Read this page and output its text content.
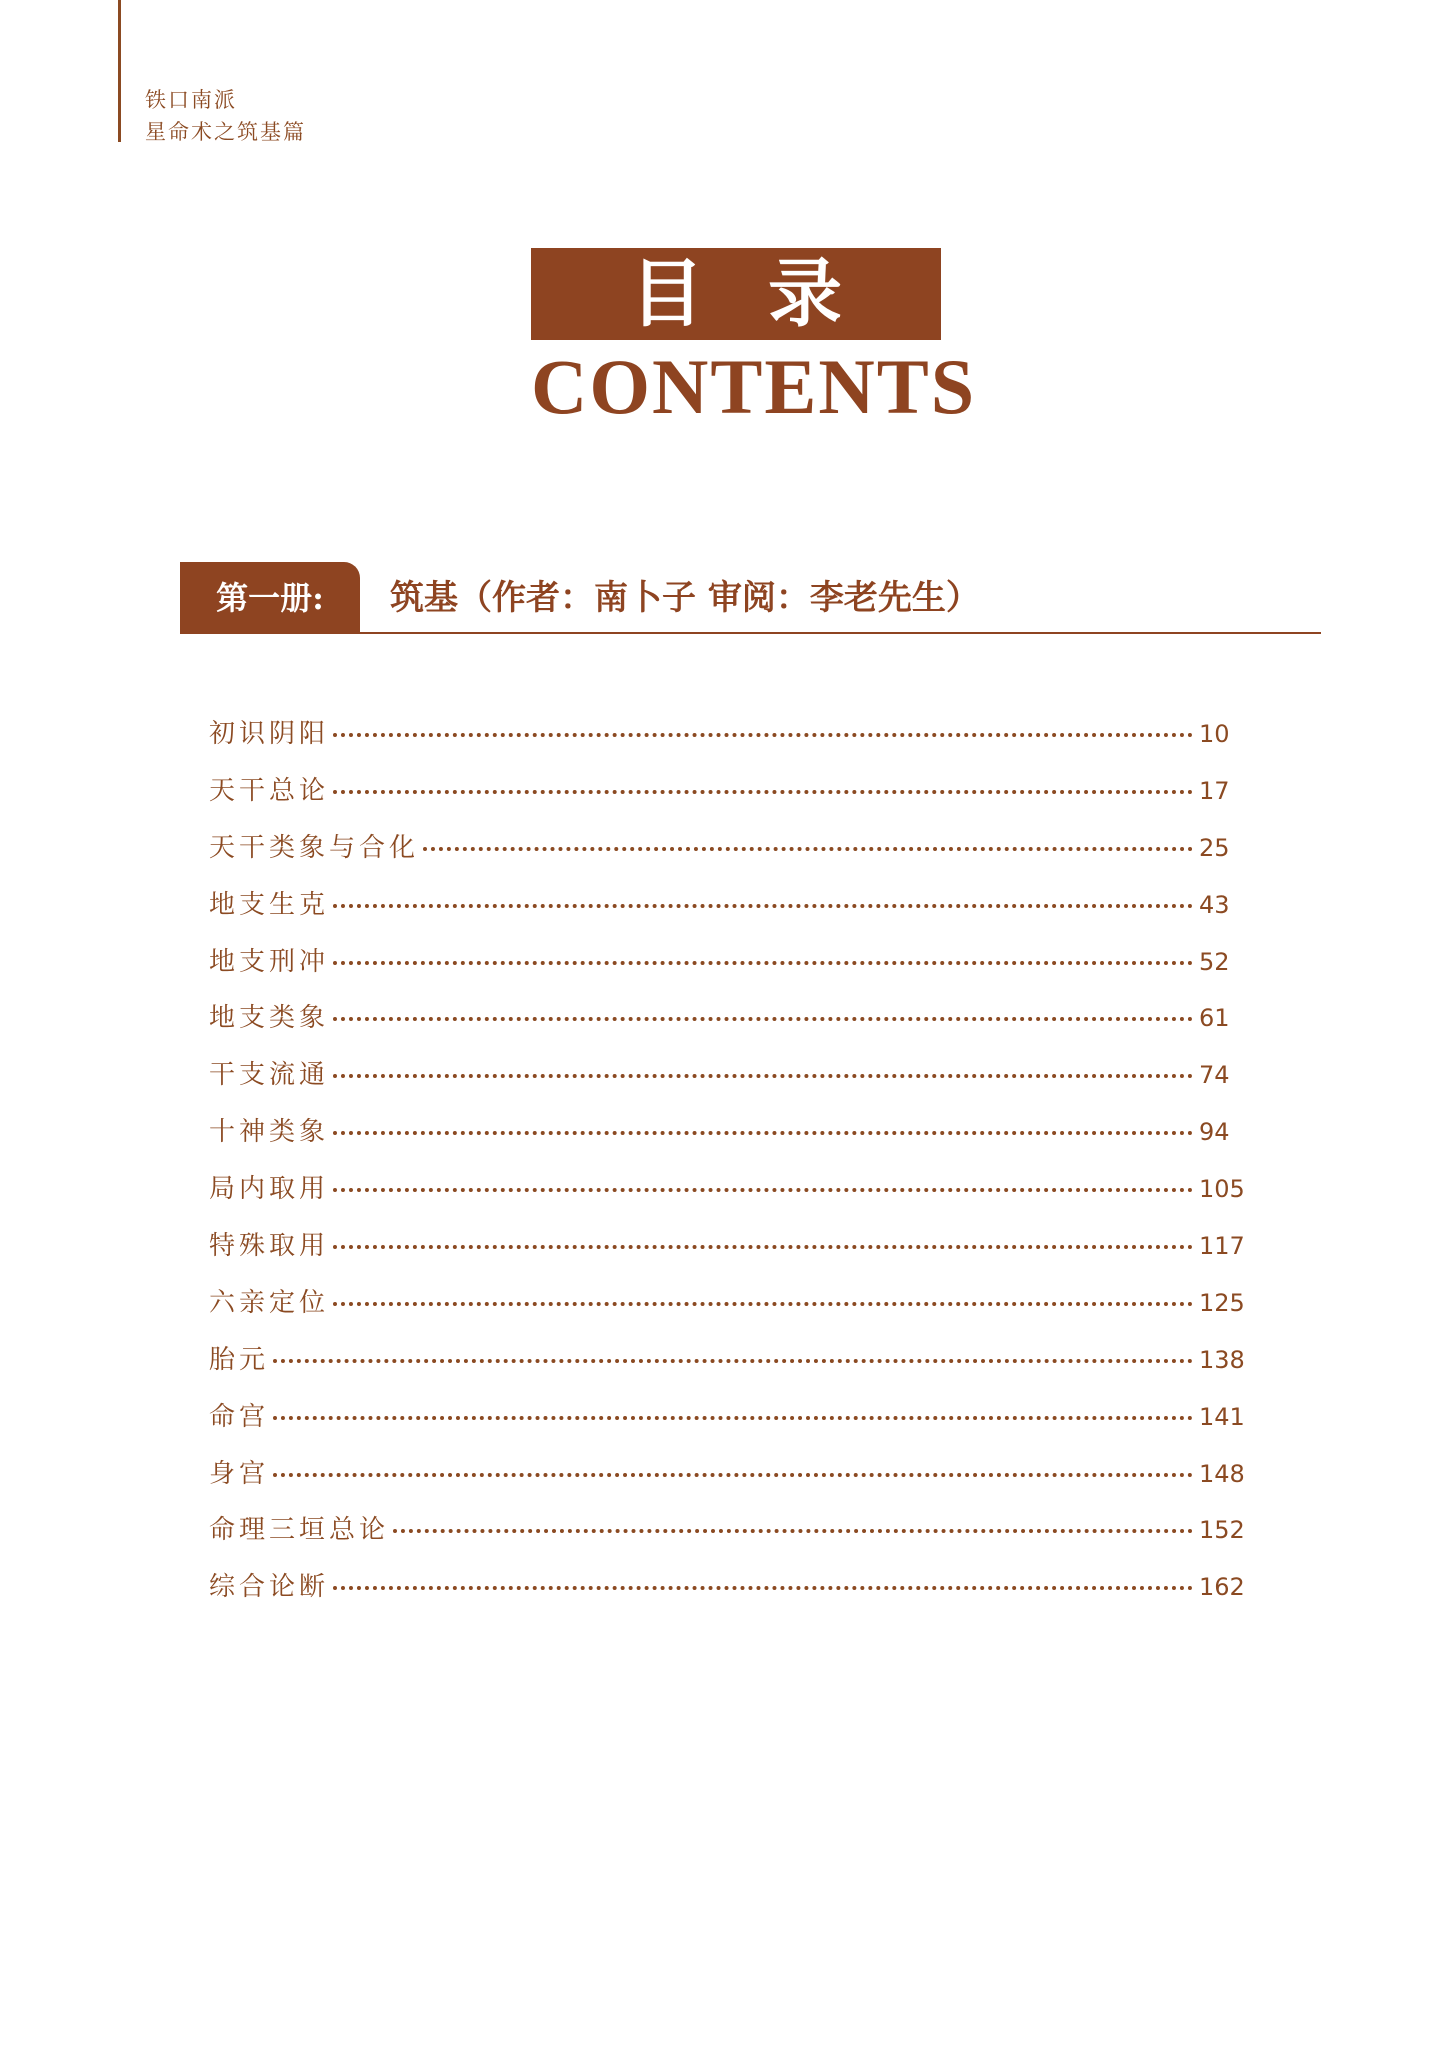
铁口南派
星命术之筑基篇
目录
CONTENTS
第一册:	筑基（作者：南卜子 审阅：李老先生）
初识阴阳	10
天干总论	17
天干类象与合化	25
地支生克	43
地支刑冲	52
地支类象	61
干支流通	74
十神类象	94
局内取用	105
特殊取用	117
六亲定位	125
胎元	138
命宫	141
身宫	148
命理三垣总论	152
综合论断	162
